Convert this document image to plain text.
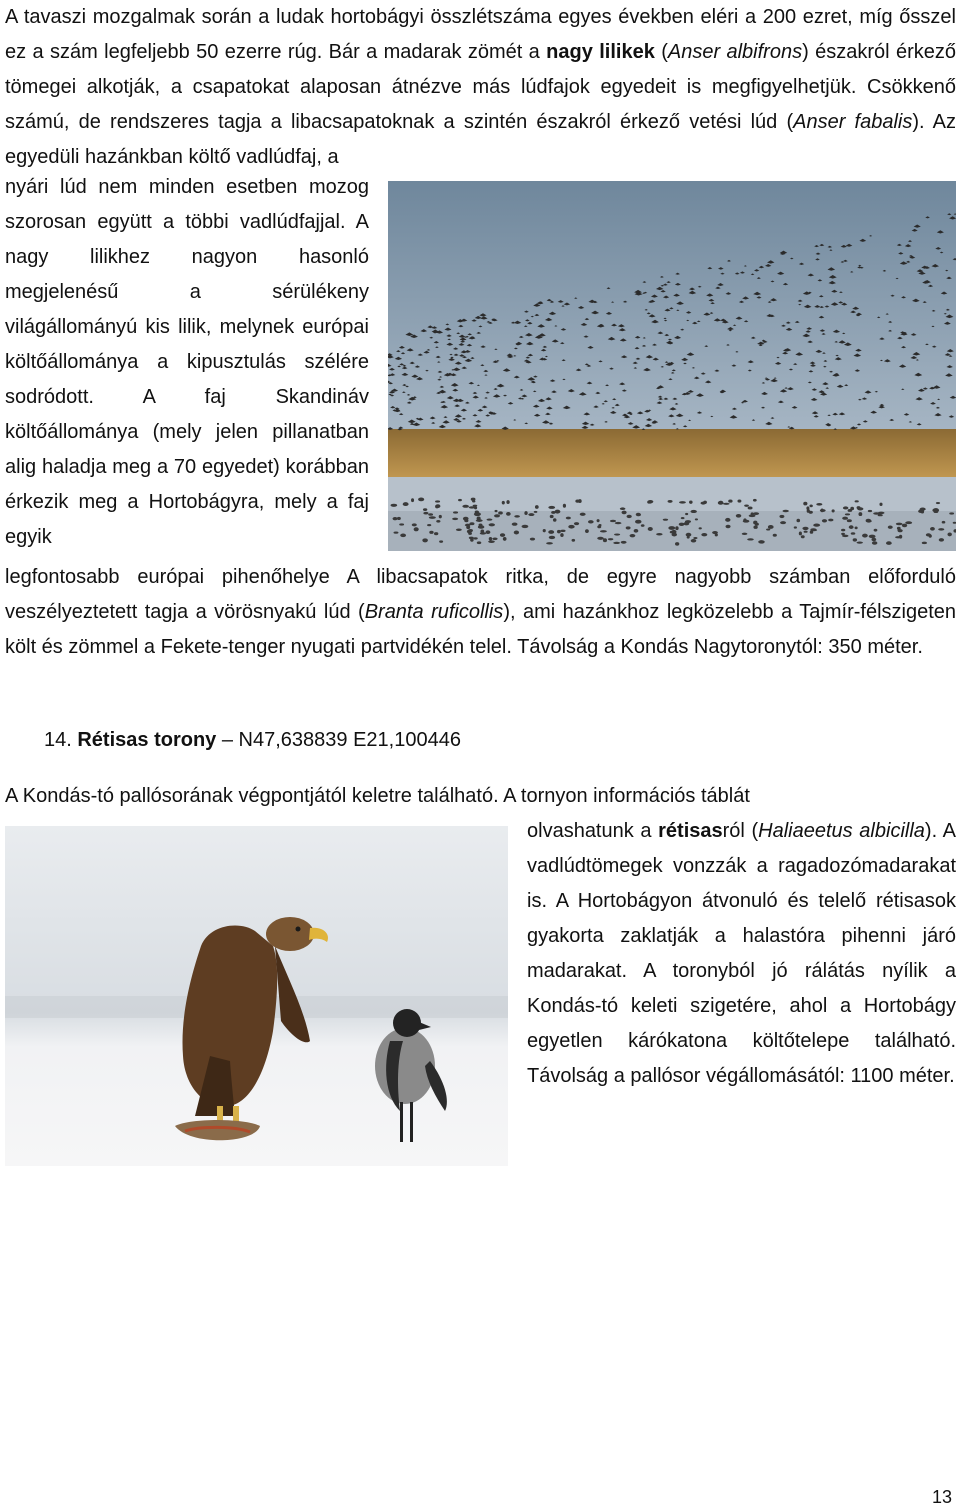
A tavaszi mozgalmak során a ludak hortobágyi összlétszáma egyes években eléri a 200 ezret, míg ősszel ez a szám legfeljebb 50 ezerre rúg. Bár a madarak zömét a nagy lilikek (Anser albifrons) északról érkező tömegei alkotják, a csapatokat alaposan átnézve más lúdfajok egyedeit is megfigyelhetjük. Csökkenő számú, de rendszeres tagja a libacsapatoknak a szintén északról érkező vetési lúd (Anser fabalis). Az egyedüli hazánkban költő vadlúdfaj, a

nyári lúd nem minden esetben mozog szorosan együtt a többi vadlúdfajjal. A nagy lilikhez nagyon hasonló megjelenésű a sérülékeny világállományú kis lilik, melynek európai költőállománya a kipusztulás szélére sodródott. A faj Skandináv költőállománya (mely jelen pillanatban alig haladja meg a 70 egyedet) korábban érkezik meg a Hortobágyra, mely a faj egyik

legfontosabb európai pihenőhelye A libacsapatok ritka, de egyre nagyobb számban előforduló veszélyeztetett tagja a vörösnyakú lúd (Branta ruficollis), ami hazánkhoz legközelebb a Tajmír-félszigeten költ és zömmel a Fekete-tenger nyugati partvidékén telel. Távolság a Kondás Nagytoronytól: 350 méter.

14. Rétisas torony – N47,638839 E21,100446

A Kondás-tó pallósorának végpontjától keletre található. A tornyon információs táblát

olvashatunk a rétisasról (Haliaeetus albicilla). A vadlúdtömegek vonzzák a ragadozómadarakat is. A Hortobágyon átvonuló és telelő rétisasok gyakorta zaklatják a halastóra pihenni járó madarakat. A toronyból jó rálátás nyílik a Kondás-tó keleti szigetére, ahol a Hortobágy egyetlen kárókatona költőtelepe található. Távolság a pallósor végállomásától: 1100 méter.

13
